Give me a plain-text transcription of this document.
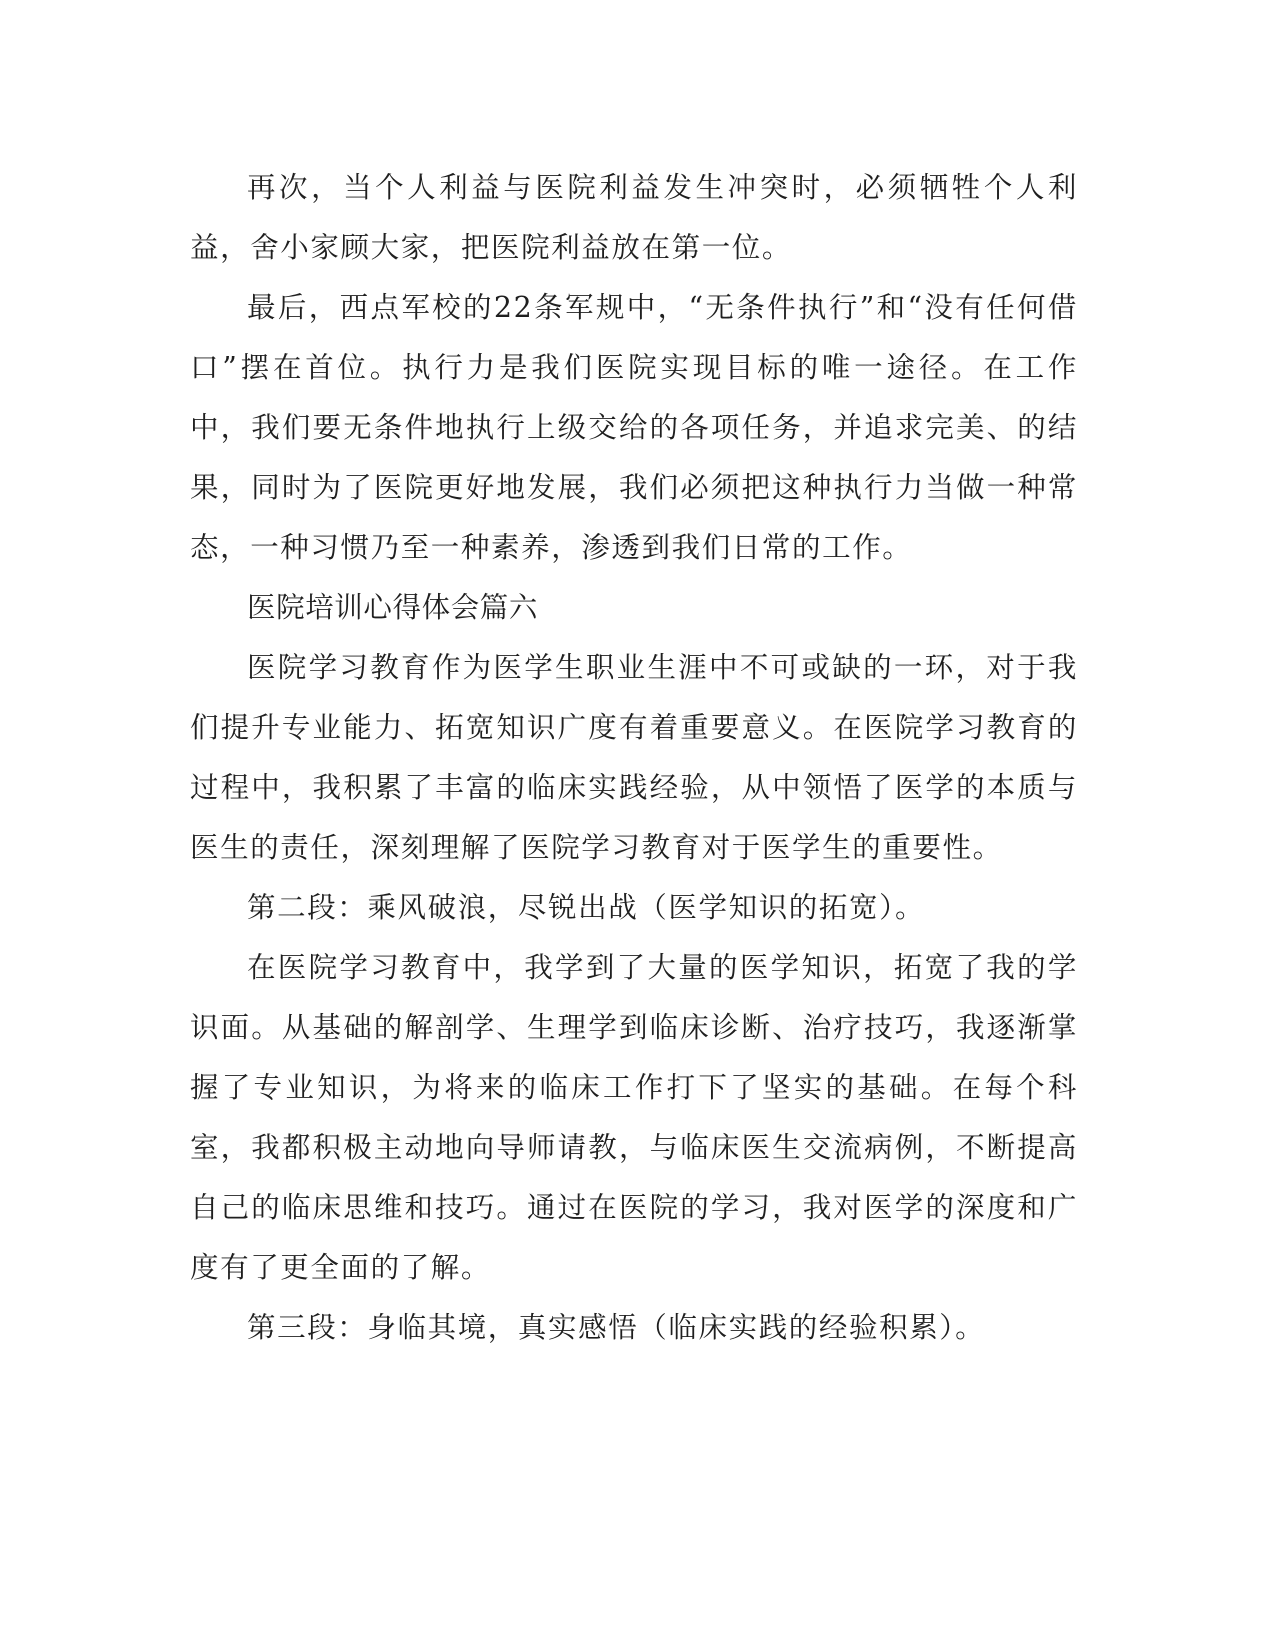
再次，当个人利益与医院利益发生冲突时，必须牺牲个人利益，舍小家顾大家，把医院利益放在第一位。

最后，西点军校的22条军规中，“无条件执行”和“没有任何借口”摆在首位。执行力是我们医院实现目标的唯一途径。在工作中，我们要无条件地执行上级交给的各项任务，并追求完美、的结果，同时为了医院更好地发展，我们必须把这种执行力当做一种常态，一种习惯乃至一种素养，渗透到我们日常的工作。

医院培训心得体会篇六

医院学习教育作为医学生职业生涯中不可或缺的一环，对于我们提升专业能力、拓宽知识广度有着重要意义。在医院学习教育的过程中，我积累了丰富的临床实践经验，从中领悟了医学的本质与医生的责任，深刻理解了医院学习教育对于医学生的重要性。

第二段：乘风破浪，尽锐出战（医学知识的拓宽）。

在医院学习教育中，我学到了大量的医学知识，拓宽了我的学识面。从基础的解剖学、生理学到临床诊断、治疗技巧，我逐渐掌握了专业知识，为将来的临床工作打下了坚实的基础。在每个科室，我都积极主动地向导师请教，与临床医生交流病例，不断提高自己的临床思维和技巧。通过在医院的学习，我对医学的深度和广度有了更全面的了解。

第三段：身临其境，真实感悟（临床实践的经验积累）。
